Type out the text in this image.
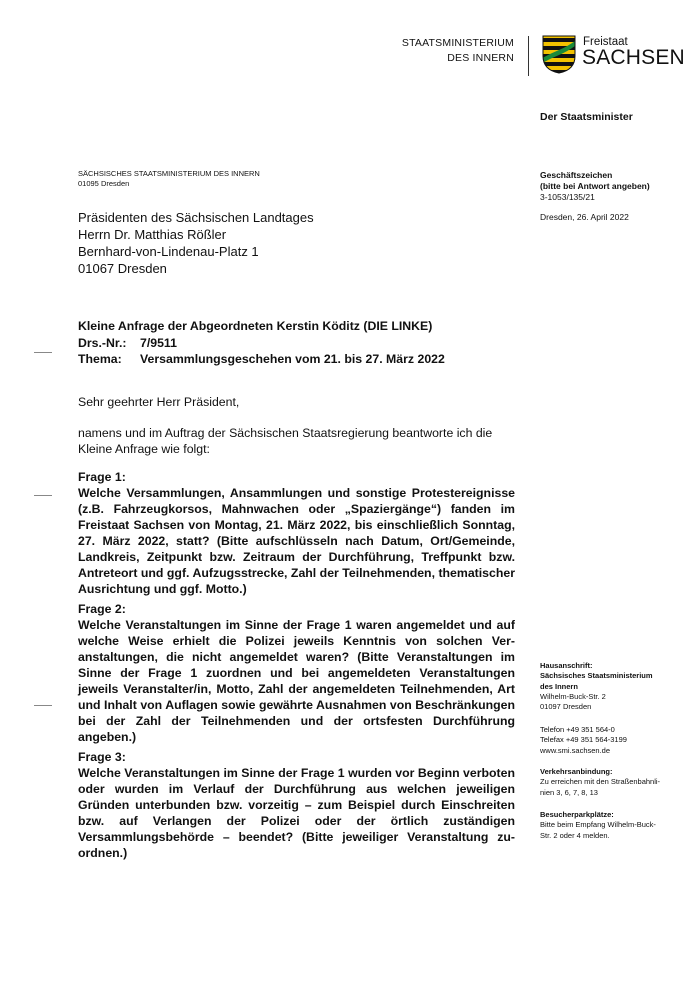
STAATSMINISTERIUM
DES INNERN
Freistaat
SACHSEN
Der Staatsminister
SÄCHSISCHES STAATSMINISTERIUM DES INNERN
01095 Dresden
Präsidenten des Sächsischen Landtages
Herrn Dr. Matthias Rößler
Bernhard-von-Lindenau-Platz 1
01067 Dresden
Geschäftszeichen
(bitte bei Antwort angeben)
3-1053/135/21
Dresden, 26. April 2022
Kleine Anfrage der Abgeordneten Kerstin Köditz (DIE LINKE)
Drs.-Nr.:	7/9511
Thema:	Versammlungsgeschehen vom 21. bis 27. März 2022
Sehr geehrter Herr Präsident,
namens und im Auftrag der Sächsischen Staatsregierung beantworte ich die Kleine Anfrage wie folgt:
Frage 1:
Welche Versammlungen, Ansammlungen und sonstige Protestereignisse (z.B. Fahrzeugkorsos, Mahnwachen oder „Spaziergänge“) fanden im Freistaat Sachsen von Montag, 21. März 2022, bis einschließlich Sonntag, 27. März 2022, statt? (Bitte aufschlüsseln nach Datum, Ort/Gemeinde, Landkreis, Zeitpunkt bzw. Zeitraum der Durchführung, Treffpunkt bzw. Antreteort und ggf. Aufzugsstrecke, Zahl der Teilnehmenden, thematischer Ausrichtung und ggf. Motto.)
Frage 2:
Welche Veranstaltungen im Sinne der Frage 1 waren angemeldet und auf welche Weise erhielt die Polizei jeweils Kenntnis von solchen Veranstaltungen, die nicht angemeldet waren? (Bitte Veranstaltungen im Sinne der Frage 1 zuordnen und bei angemeldeten Veranstaltungen jeweils Veranstalter/in, Motto, Zahl der angemeldeten Teilnehmenden, Art und Inhalt von Auflagen sowie gewährte Ausnahmen von Beschränkungen bei der Zahl der Teilnehmenden und der ortsfesten Durchführung angeben.)
Frage 3:
Welche Veranstaltungen im Sinne der Frage 1 wurden vor Beginn verboten oder wurden im Verlauf der Durchführung aus welchen jeweiligen Gründen unterbunden bzw. vorzeitig – zum Beispiel durch Einschreiten bzw. auf Verlangen der Polizei oder der örtlich zuständigen Versammlungsbehörde – beendet? (Bitte jeweiliger Veranstaltung zuordnen.)
Hausanschrift:
Sächsisches Staatsministerium
des Innern
Wilhelm-Buck-Str. 2
01097 Dresden
Telefon +49 351 564-0
Telefax +49 351 564-3199
www.smi.sachsen.de
Verkehrsanbindung:
Zu erreichen mit den Straßenbahnli-
nien 3, 6, 7, 8, 13
Besucherparkplätze:
Bitte beim Empfang Wilhelm-Buck-
Str. 2 oder 4 melden.
